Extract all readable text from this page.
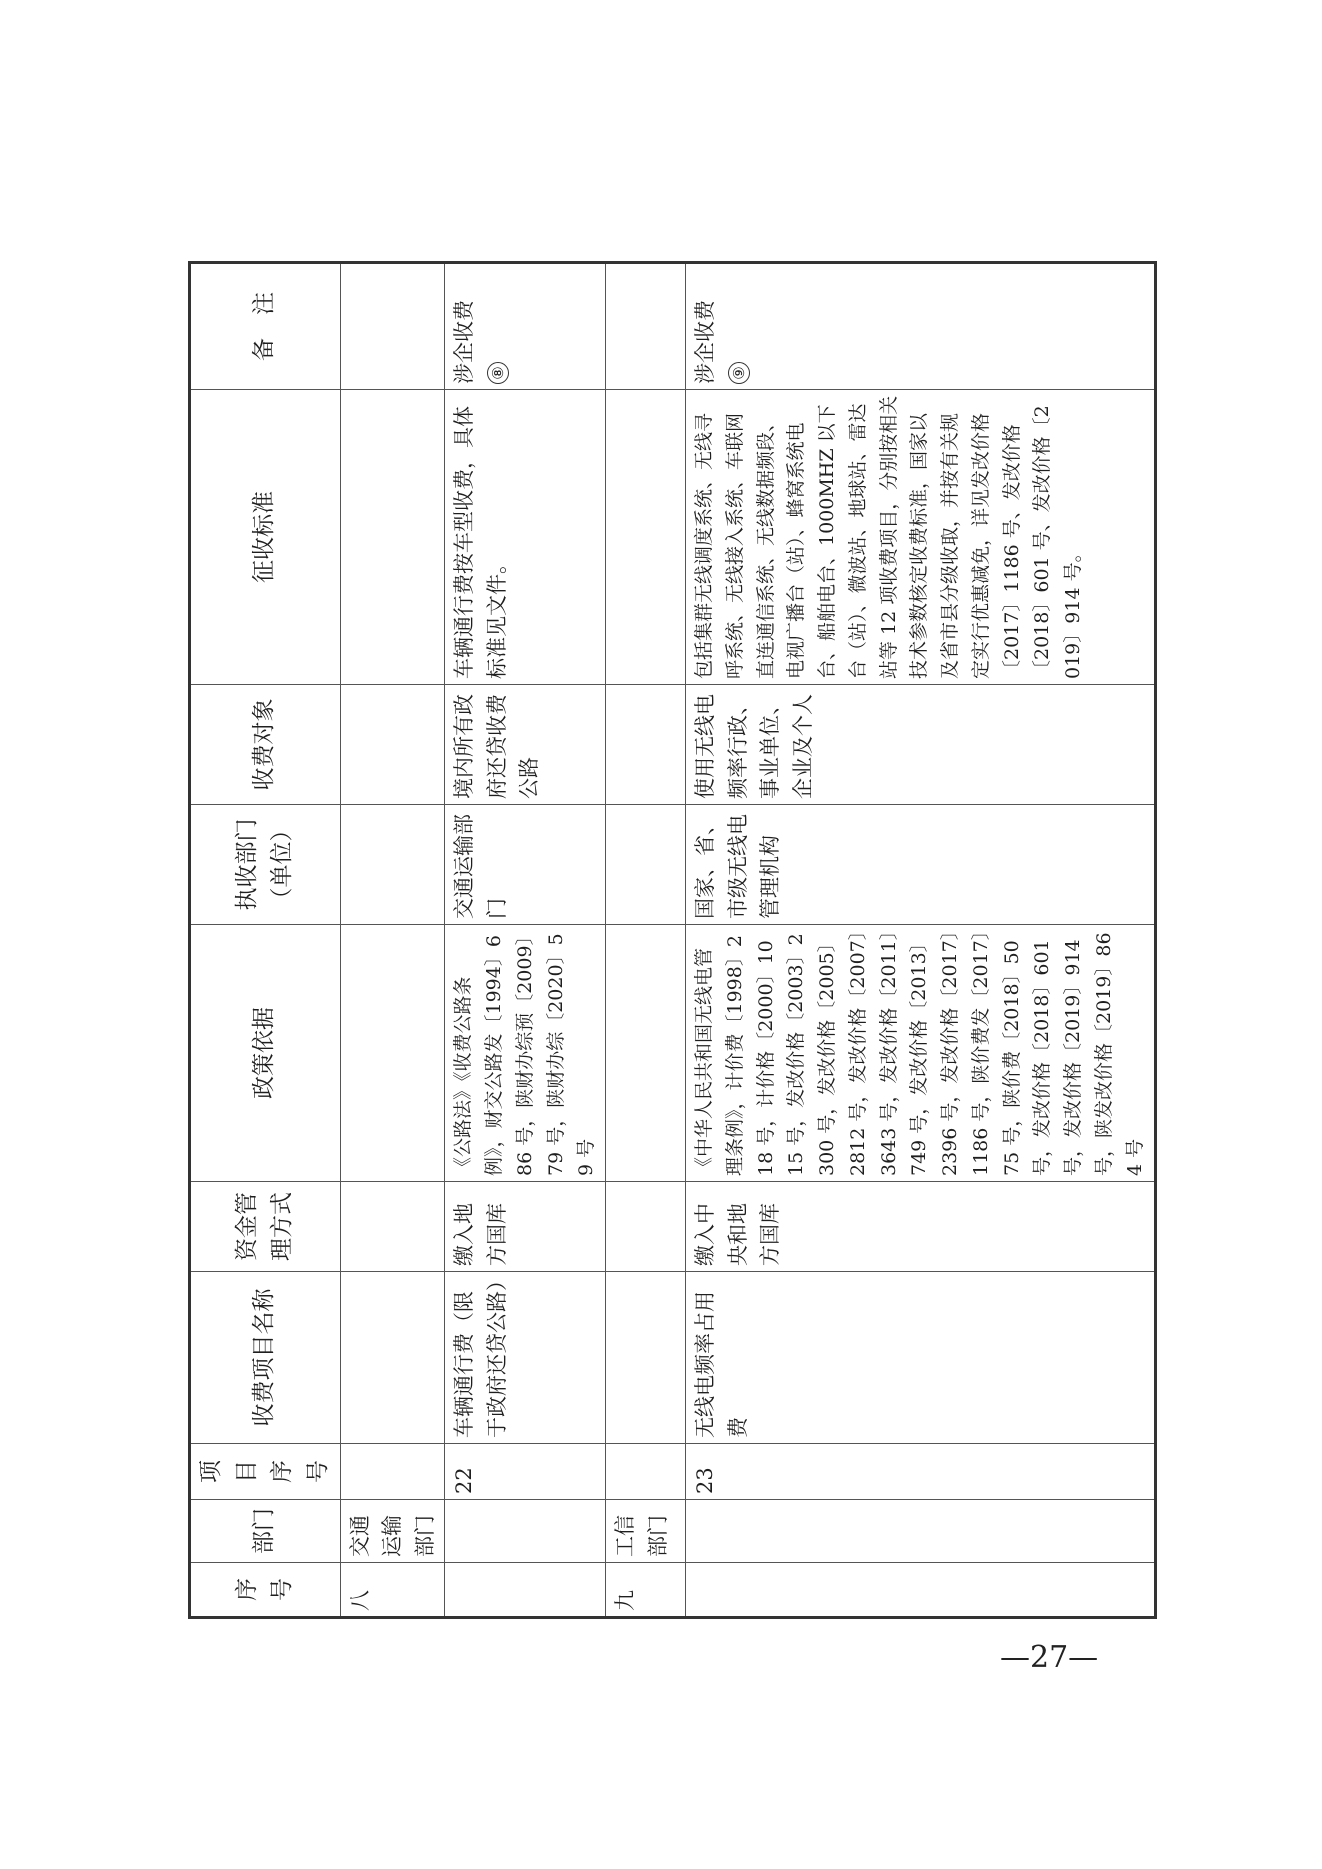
序号	部门	项目序号	收费项目名称	资金管理方式	政策依据	执收部门（单位）	收费对象	征收标准	备　注
八	交通运输部门								
		22	车辆通行费（限于政府还贷公路）	缴入地方国库	《公路法》《收费公路条例》，财交公路发〔1994〕686 号，陕财办综预〔2009〕79 号，陕财办综〔2020〕59 号	交通运输部门	境内所有政府还贷收费公路	车辆通行费按车型收费，具体标准见文件。	涉企收费 ⑧
九	工信部门								
		23	无线电频率占用费	缴入中央和地方国库	《中华人民共和国无线电管理条例》，计价费〔1998〕218 号，计价格〔2000〕1015 号，发改价格〔2003〕2300 号，发改价格〔2005〕2812 号，发改价格〔2007〕3643 号，发改价格〔2011〕749 号，发改价格〔2013〕2396 号，发改价格〔2017〕1186 号，陕价费发〔2017〕75 号，陕价费〔2018〕50 号，发改价格〔2018〕601 号，发改价格〔2019〕914 号，陕发改价格〔2019〕864 号	国家、省、市级无线电管理机构	使用无线电频率行政、事业单位、企业及个人	包括集群无线调度系统、无线寻呼系统、无线接入系统、车联网直连通信系统、无线数据频段、电视广播台（站）、蜂窝系统电台、船舶电台、1000MHZ 以下台（站）、微波站、地球站、雷达站等 12 项收费项目，分别按相关技术参数核定收费标准，国家以及省市县分级收取，并按有关规定实行优惠减免，详见发改价格〔2017〕1186 号、发改价格〔2018〕601 号、发改价格〔2019〕914 号。	涉企收费 ⑨
—27—
